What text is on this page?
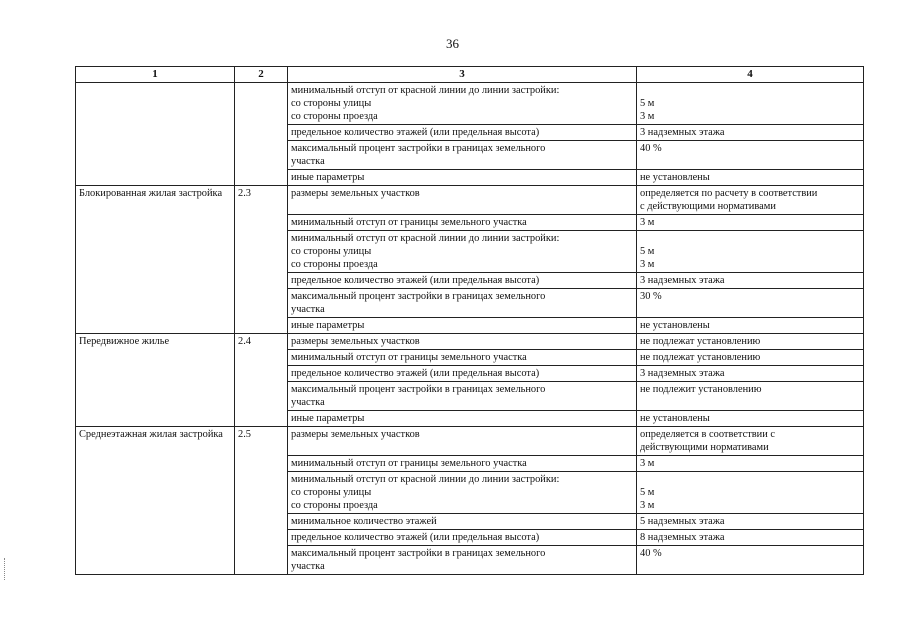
36
1	2	3	4

		минимальный отступ от красной линии до линии застройки:
со стороны улицы
со стороны проезда	5 м
3 м

		предельное количество этажей (или предельная высота)	3 надземных этажа

		максимальный процент застройки в границах земельного
участка	40 %

		иные параметры	не установлены

Блокированная жилая застройка	2.3	размеры земельных участков	определяется по расчету в соответствии
с действующими нормативами

		минимальный отступ от границы земельного участка	3 м

		минимальный отступ от красной линии до линии застройки:
со стороны улицы
со стороны проезда	5 м
3 м

		предельное количество этажей (или предельная высота)	3 надземных этажа

		максимальный процент застройки в границах земельного
участка	30 %

		иные параметры	не установлены

Передвижное жилье	2.4	размеры земельных участков	не подлежат установлению

		минимальный отступ от границы земельного участка	не подлежат установлению

		предельное количество этажей (или предельная высота)	3 надземных этажа

		максимальный процент застройки в границах земельного
участка	не подлежит установлению

		иные параметры	не установлены

Среднеэтажная жилая застройка	2.5	размеры земельных участков	определяется в соответствии с
действующими нормативами

		минимальный отступ от границы земельного участка	3 м

		минимальный отступ от красной линии до линии застройки:
со стороны улицы
со стороны проезда	5 м
3 м

		минимальное количество этажей	5 надземных этажа

		предельное количество этажей (или предельная высота)	8 надземных этажа

		максимальный процент застройки в границах земельного
участка	40 %
